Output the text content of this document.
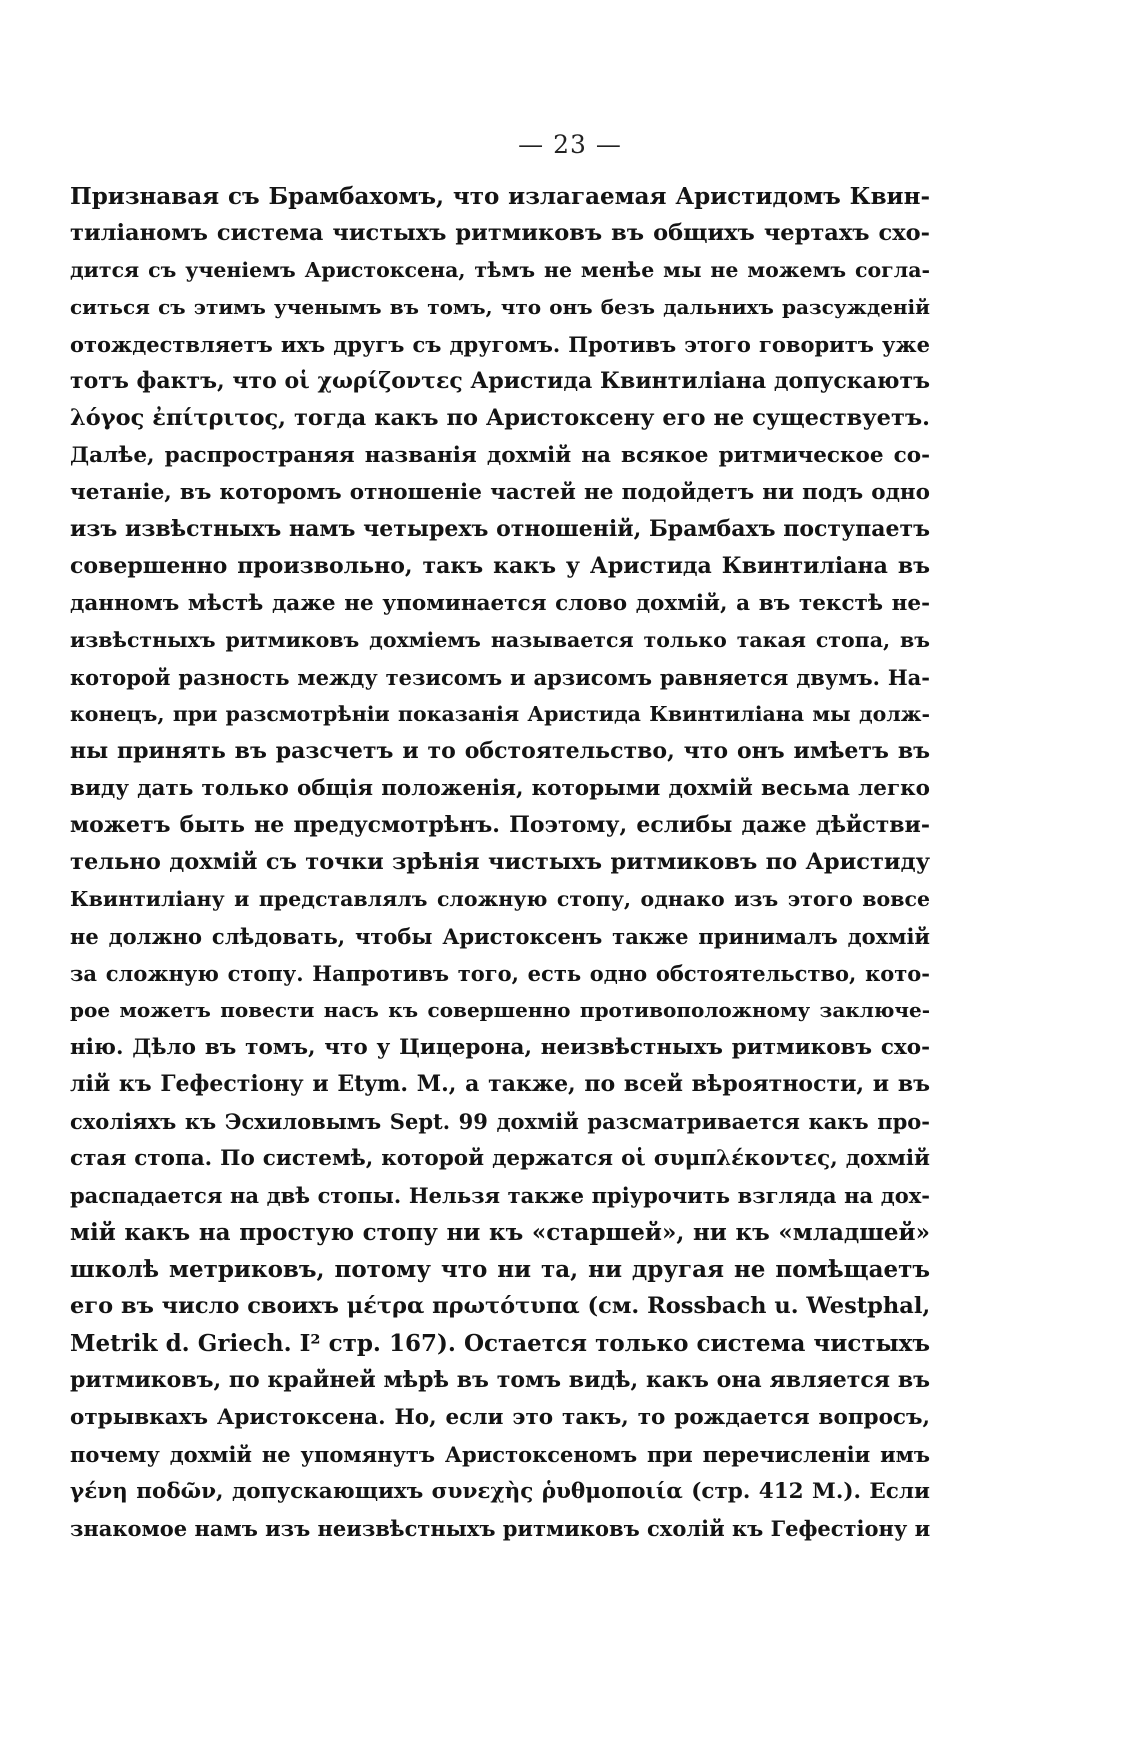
— 23 —
Признавая съ Брамбахомъ, что излагаемая Аристидомъ Квин-
тиліаномъ система чистыхъ ритмиковъ въ общихъ чертахъ схо-
дится съ ученіемъ Аристоксена, тѣмъ не менѣе мы не можемъ согла-
ситься съ этимъ ученымъ въ томъ, что онъ безъ дальнихъ разсужденій
отождествляетъ ихъ другъ съ другомъ. Противъ этого говоритъ уже
тотъ фактъ, что οἱ χωρίζοντες Аристида Квинтиліана допускаютъ
λόγος ἐπίτριτος, тогда какъ по Аристоксену его не существуетъ.
Далѣе, распространяя названія дохмій на всякое ритмическое со-
четаніе, въ которомъ отношеніе частей не подойдетъ ни подъ одно
изъ извѣстныхъ намъ четырехъ отношеній, Брамбахъ поступаетъ
совершенно произвольно, такъ какъ у Аристида Квинтиліана въ
данномъ мѣстѣ даже не упоминается слово дохмій, а въ текстѣ не-
извѣстныхъ ритмиковъ дохміемъ называется только такая стопа, въ
которой разность между тезисомъ и арзисомъ равняется двумъ. На-
конецъ, при разсмотрѣніи показанія Аристида Квинтиліана мы долж-
ны принять въ разсчетъ и то обстоятельство, что онъ имѣетъ въ
виду дать только общія положенія, которыми дохмій весьма легко
можетъ быть не предусмотрѣнъ. Поэтому, еслибы даже дѣйстви-
тельно дохмій съ точки зрѣнія чистыхъ ритмиковъ по Аристиду
Квинтиліану и представлялъ сложную стопу, однако изъ этого вовсе
не должно слѣдовать, чтобы Аристоксенъ также принималъ дохмій
за сложную стопу. Напротивъ того, есть одно обстоятельство, кото-
рое можетъ повести насъ къ совершенно противоположному заключе-
нію. Дѣло въ томъ, что у Цицерона, неизвѣстныхъ ритмиковъ схо-
лій къ Гефестіону и Etym. M., а также, по всей вѣроятности, и въ
схоліяхъ къ Эсхиловымъ Sept. 99 дохмій разсматривается какъ про-
стая стопа. По системѣ, которой держатся οἱ συμπλέκοντες, дохмій
распадается на двѣ стопы. Нельзя также пріурочить взгляда на дох-
мій какъ на простую стопу ни къ «старшей», ни къ «младшей»
школѣ метриковъ, потому что ни та, ни другая не помѣщаетъ
его въ число своихъ μέτρα πρωτότυπα (см. Rossbach u. Westphal,
Metrik d. Griech. I² стр. 167). Остается только система чистыхъ
ритмиковъ, по крайней мѣрѣ въ томъ видѣ, какъ она является въ
отрывкахъ Аристоксена. Но, если это такъ, то рождается вопросъ,
почему дохмій не упомянутъ Аристоксеномъ при перечисленіи имъ
γένη ποδῶν, допускающихъ συνεχὴς ῥυθμοποιία (стр. 412 M.). Если
знакомое намъ изъ неизвѣстныхъ ритмиковъ схолій къ Гефестіону и
